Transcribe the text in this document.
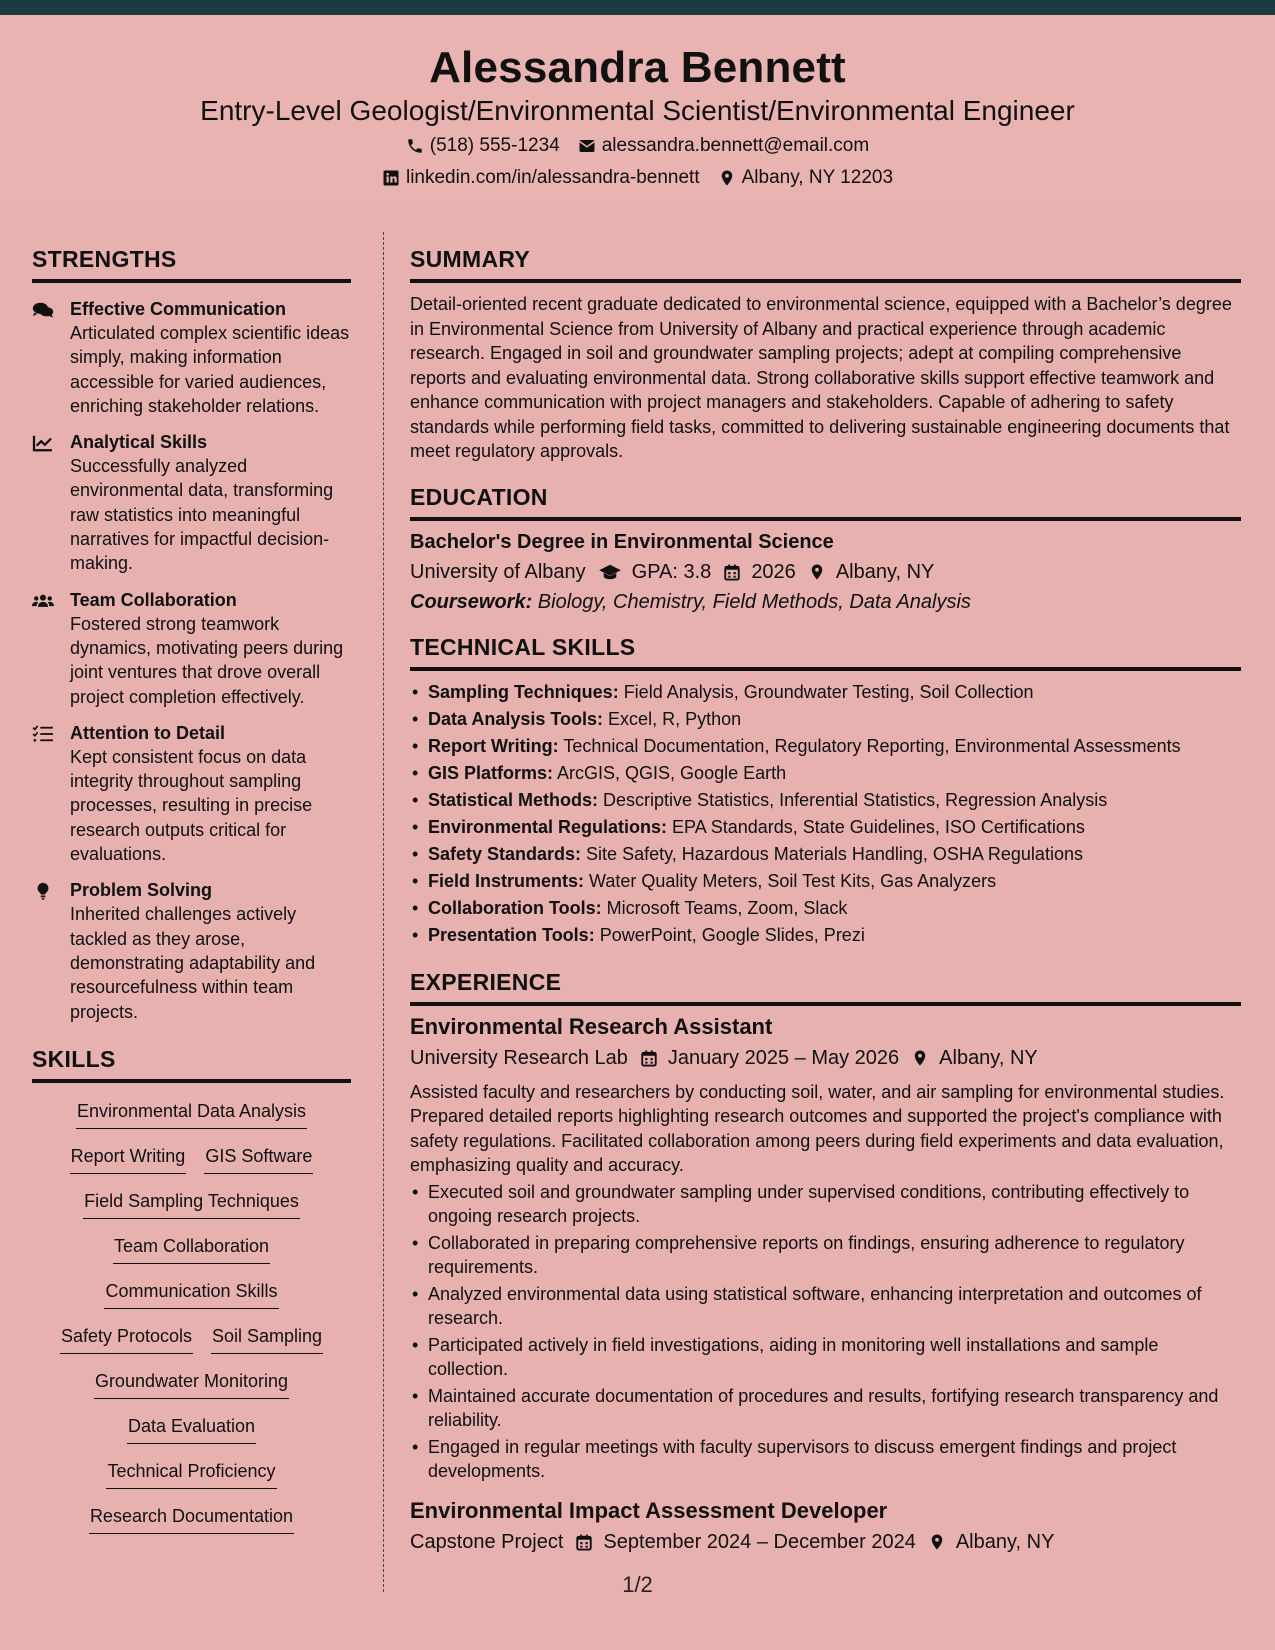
Alessandra Bennett
Entry-Level Geologist/Environmental Scientist/Environmental Engineer
(518) 555-1234 alessandra.bennett@email.com
linkedin.com/in/alessandra-bennett Albany, NY 12203
STRENGTHS
Effective Communication
Articulated complex scientific ideas simply, making information accessible for varied audiences, enriching stakeholder relations.
Analytical Skills
Successfully analyzed environmental data, transforming raw statistics into meaningful narratives for impactful decision-making.
Team Collaboration
Fostered strong teamwork dynamics, motivating peers during joint ventures that drove overall project completion effectively.
Attention to Detail
Kept consistent focus on data integrity throughout sampling processes, resulting in precise research outputs critical for evaluations.
Problem Solving
Inherited challenges actively tackled as they arose, demonstrating adaptability and resourcefulness within team projects.
SKILLS
Environmental Data Analysis
Report Writing GIS Software
Field Sampling Techniques
Team Collaboration
Communication Skills
Safety Protocols Soil Sampling
Groundwater Monitoring
Data Evaluation
Technical Proficiency
Research Documentation
SUMMARY
Detail-oriented recent graduate dedicated to environmental science, equipped with a Bachelor’s degree in Environmental Science from University of Albany and practical experience through academic research. Engaged in soil and groundwater sampling projects; adept at compiling comprehensive reports and evaluating environmental data. Strong collaborative skills support effective teamwork and enhance communication with project managers and stakeholders. Capable of adhering to safety standards while performing field tasks, committed to delivering sustainable engineering documents that meet regulatory approvals.
EDUCATION
Bachelor's Degree in Environmental Science
University of Albany GPA: 3.8 2026 Albany, NY
Coursework: Biology, Chemistry, Field Methods, Data Analysis
TECHNICAL SKILLS
• Sampling Techniques: Field Analysis, Groundwater Testing, Soil Collection
• Data Analysis Tools: Excel, R, Python
• Report Writing: Technical Documentation, Regulatory Reporting, Environmental Assessments
• GIS Platforms: ArcGIS, QGIS, Google Earth
• Statistical Methods: Descriptive Statistics, Inferential Statistics, Regression Analysis
• Environmental Regulations: EPA Standards, State Guidelines, ISO Certifications
• Safety Standards: Site Safety, Hazardous Materials Handling, OSHA Regulations
• Field Instruments: Water Quality Meters, Soil Test Kits, Gas Analyzers
• Collaboration Tools: Microsoft Teams, Zoom, Slack
• Presentation Tools: PowerPoint, Google Slides, Prezi
EXPERIENCE
Environmental Research Assistant
University Research Lab January 2025 – May 2026 Albany, NY
Assisted faculty and researchers by conducting soil, water, and air sampling for environmental studies. Prepared detailed reports highlighting research outcomes and supported the project's compliance with safety regulations. Facilitated collaboration among peers during field experiments and data evaluation, emphasizing quality and accuracy.
• Executed soil and groundwater sampling under supervised conditions, contributing effectively to ongoing research projects.
• Collaborated in preparing comprehensive reports on findings, ensuring adherence to regulatory requirements.
• Analyzed environmental data using statistical software, enhancing interpretation and outcomes of research.
• Participated actively in field investigations, aiding in monitoring well installations and sample collection.
• Maintained accurate documentation of procedures and results, fortifying research transparency and reliability.
• Engaged in regular meetings with faculty supervisors to discuss emergent findings and project developments.
Environmental Impact Assessment Developer
Capstone Project September 2024 – December 2024 Albany, NY
1/2
